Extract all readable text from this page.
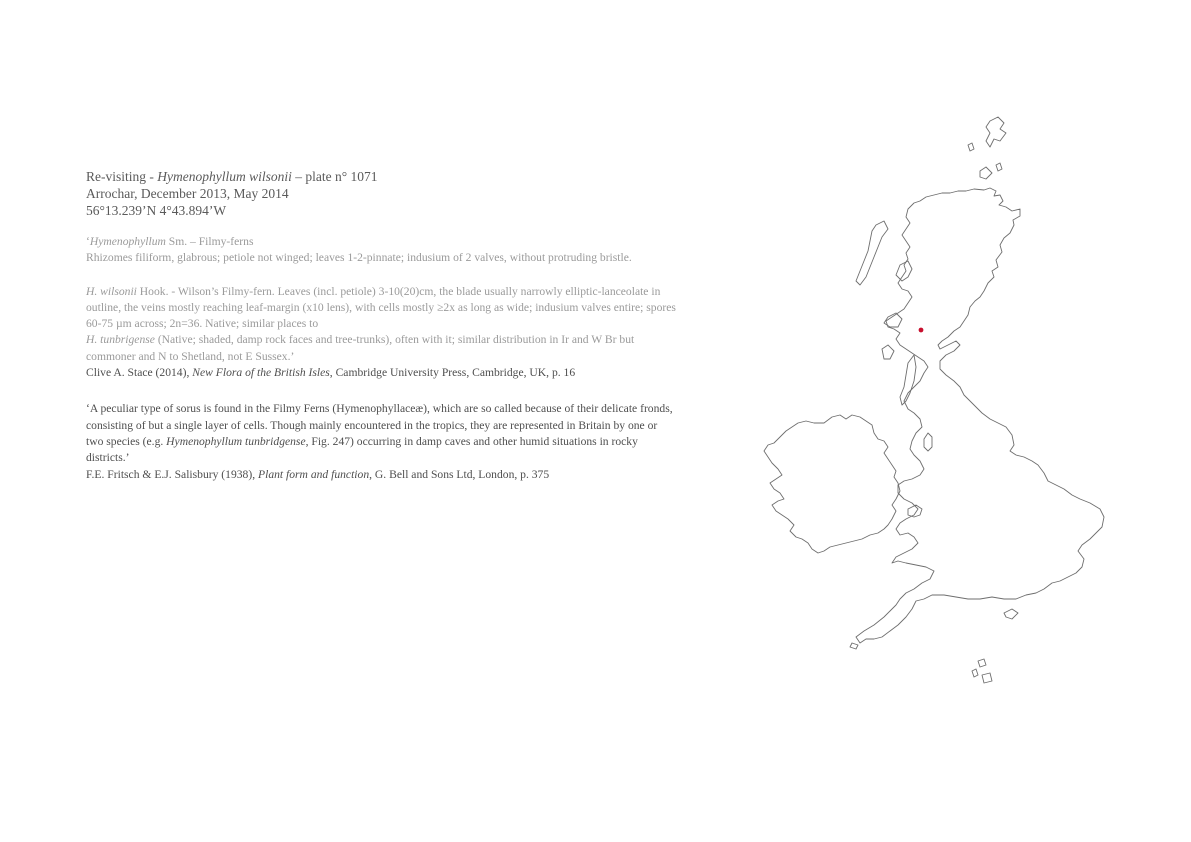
Re-visiting - Hymenophyllum wilsonii – plate n° 1071

Arrochar, December 2013, May 2014

56°13.239’N 4°43.894’W

‘Hymenophyllum Sm. – Filmy-ferns
Rhizomes filiform, glabrous; petiole not winged; leaves 1-2-pinnate; indusium of 2 valves, without protruding bristle.

H. wilsonii Hook. - Wilson’s Filmy-fern. Leaves (incl. petiole) 3-10(20)cm, the blade usually narrowly elliptic-lanceolate in outline, the veins mostly reaching leaf-margin (x10 lens), with cells mostly ≥2x as long as wide; indusium valves entire; spores 60-75 µm across; 2n=36. Native; similar places to
H. tunbrigense (Native; shaded, damp rock faces and tree-trunks), often with it; similar distribution in Ir and W Br but commoner and N to Shetland, not E Sussex.’

Clive A. Stace (2014), New Flora of the British Isles, Cambridge University Press, Cambridge, UK, p. 16

‘A peculiar type of sorus is found in the Filmy Ferns (Hymenophyllaceæ), which are so called because of their delicate fronds, consisting of but a single layer of cells. Though mainly encountered in the tropics, they are represented in Britain by one or two species (e.g. Hymenophyllum tunbridgense, Fig. 247) occurring in damp caves and other humid situations in rocky districts.’

F.E. Fritsch & E.J. Salisbury (1938), Plant form and function, G. Bell and Sons Ltd, London, p. 375
